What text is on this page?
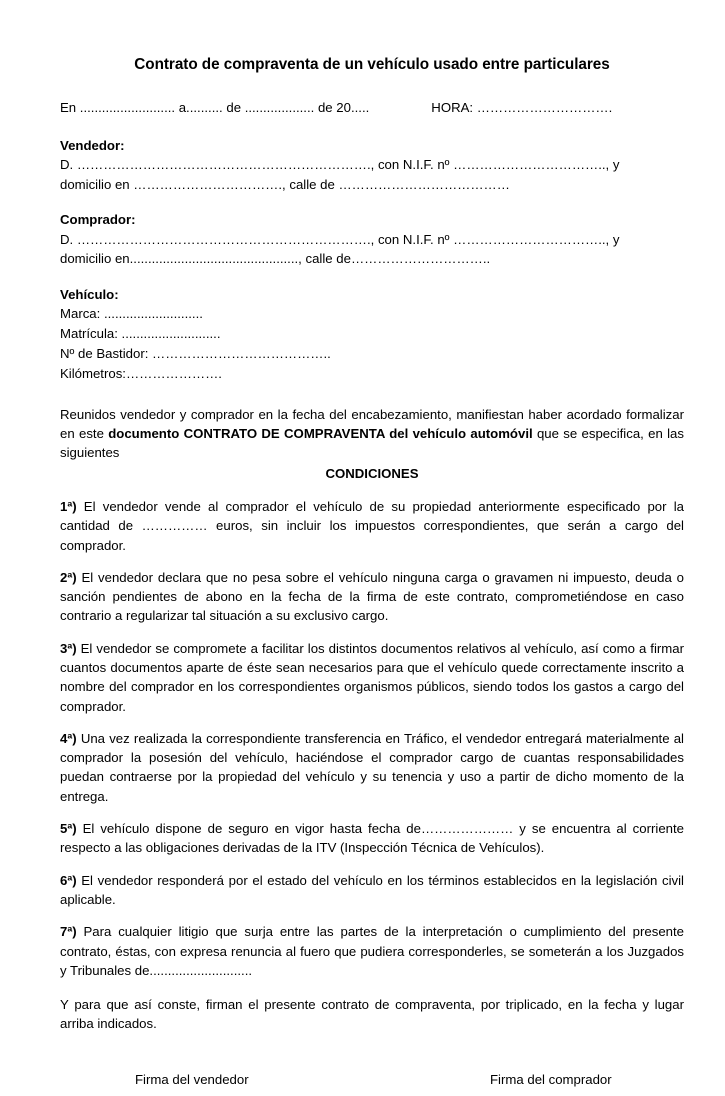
Contrato de compraventa de un vehículo usado entre particulares
En .......................... a.......... de ................... de 20.....	HORA: ………………………….
Vendedor:
D. …………………………………………………………., con N.I.F. nº …………………………….., y
domicilio en ……………………………., calle de …………………………………
Comprador:
D. …………………………………………………………., con N.I.F. nº …………………………….., y
domicilio en.............................................., calle de…………………………..
Vehículo:
Marca: ...........................
Matrícula: ...........................
Nº de Bastidor: …………………………………..
Kilómetros:………………….

Reunidos vendedor y comprador en la fecha del encabezamiento, manifiestan haber acordado formalizar en este documento CONTRATO DE COMPRAVENTA del vehículo automóvil que se especifica, en las siguientes

CONDICIONES

1ª) El vendedor vende al comprador el vehículo de su propiedad anteriormente especificado por la cantidad de …………… euros, sin incluir los impuestos correspondientes, que serán a cargo del comprador.

2ª) El vendedor declara que no pesa sobre el vehículo ninguna carga o gravamen ni impuesto, deuda o sanción pendientes de abono en la fecha de la firma de este contrato, comprometiéndose en caso contrario a regularizar tal situación a su exclusivo cargo.

3ª) El vendedor se compromete a facilitar los distintos documentos relativos al vehículo, así como a firmar cuantos documentos aparte de éste sean necesarios para que el vehículo quede correctamente inscrito a nombre del comprador en los correspondientes organismos públicos, siendo todos los gastos a cargo del comprador.

4ª) Una vez realizada la correspondiente transferencia en Tráfico, el vendedor entregará materialmente al comprador la posesión del vehículo, haciéndose el comprador cargo de cuantas responsabilidades puedan contraerse por la propiedad del vehículo y su tenencia y uso a partir de dicho momento de la entrega.

5ª) El vehículo dispone de seguro en vigor hasta fecha de………………… y se encuentra al corriente respecto a las obligaciones derivadas de la ITV (Inspección Técnica de Vehículos).

6ª) El vendedor responderá por el estado del vehículo en los términos establecidos en la legislación civil aplicable.

7ª) Para cualquier litigio que surja entre las partes de la interpretación o cumplimiento del presente contrato, éstas, con expresa renuncia al fuero que pudiera corresponderles, se someterán a los Juzgados y Tribunales de............................

Y para que así conste, firman el presente contrato de compraventa, por triplicado, en la fecha y lugar arriba indicados.

Firma del vendedor	Firma del comprador
